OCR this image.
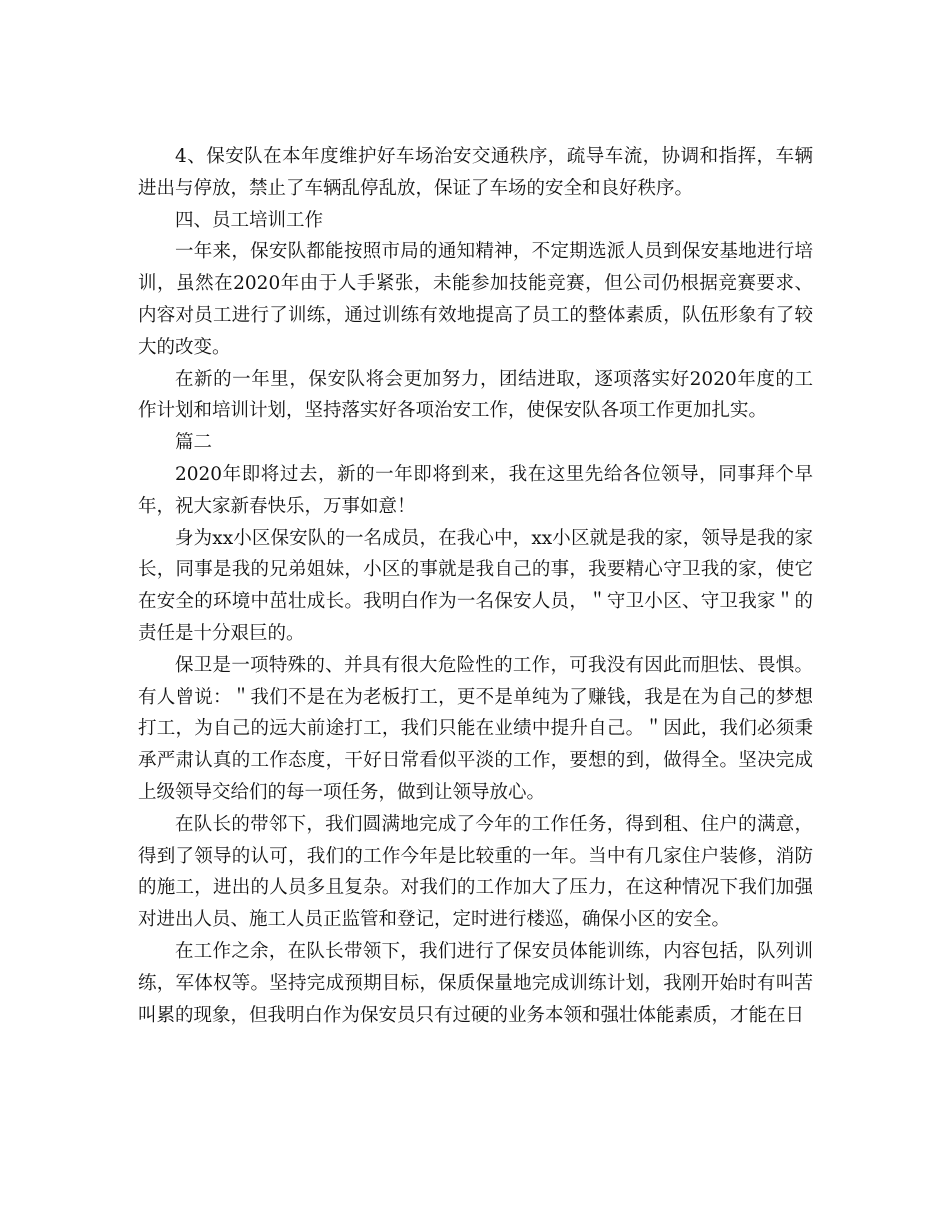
4、保安队在本年度维护好车场治安交通秩序，疏导车流，协调和指挥，车辆进出与停放，禁止了车辆乱停乱放，保证了车场的安全和良好秩序。

四、员工培训工作

一年来，保安队都能按照市局的通知精神，不定期选派人员到保安基地进行培训，虽然在2020年由于人手紧张，未能参加技能竞赛，但公司仍根据竞赛要求、内容对员工进行了训练，通过训练有效地提高了员工的整体素质，队伍形象有了较大的改变。

在新的一年里，保安队将会更加努力，团结进取，逐项落实好2020年度的工作计划和培训计划，坚持落实好各项治安工作，使保安队各项工作更加扎实。

篇二

2020年即将过去，新的一年即将到来，我在这里先给各位领导，同事拜个早年，祝大家新春快乐，万事如意！

身为xx小区保安队的一名成员，在我心中，xx小区就是我的家，领导是我的家长，同事是我的兄弟姐妹，小区的事就是我自己的事，我要精心守卫我的家，使它在安全的环境中茁壮成长。我明白作为一名保安人员，＂守卫小区、守卫我家＂的责任是十分艰巨的。

保卫是一项特殊的、并具有很大危险性的工作，可我没有因此而胆怯、畏惧。有人曾说：＂我们不是在为老板打工，更不是单纯为了赚钱，我是在为自己的梦想打工，为自己的远大前途打工，我们只能在业绩中提升自己。＂因此，我们必须秉承严肃认真的工作态度，干好日常看似平淡的工作，要想的到，做得全。坚决完成上级领导交给们的每一项任务，做到让领导放心。

在队长的带邻下，我们圆满地完成了今年的工作任务，得到租、住户的满意，得到了领导的认可，我们的工作今年是比较重的一年。当中有几家住户装修，消防的施工，进出的人员多且复杂。对我们的工作加大了压力，在这种情况下我们加强对进出人员、施工人员正监管和登记，定时进行楼巡，确保小区的安全。

在工作之余，在队长带领下，我们进行了保安员体能训练，内容包括，队列训练，军体权等。坚持完成预期目标，保质保量地完成训练计划，我刚开始时有叫苦叫累的现象，但我明白作为保安员只有过硬的业务本领和强壮体能素质，才能在日
